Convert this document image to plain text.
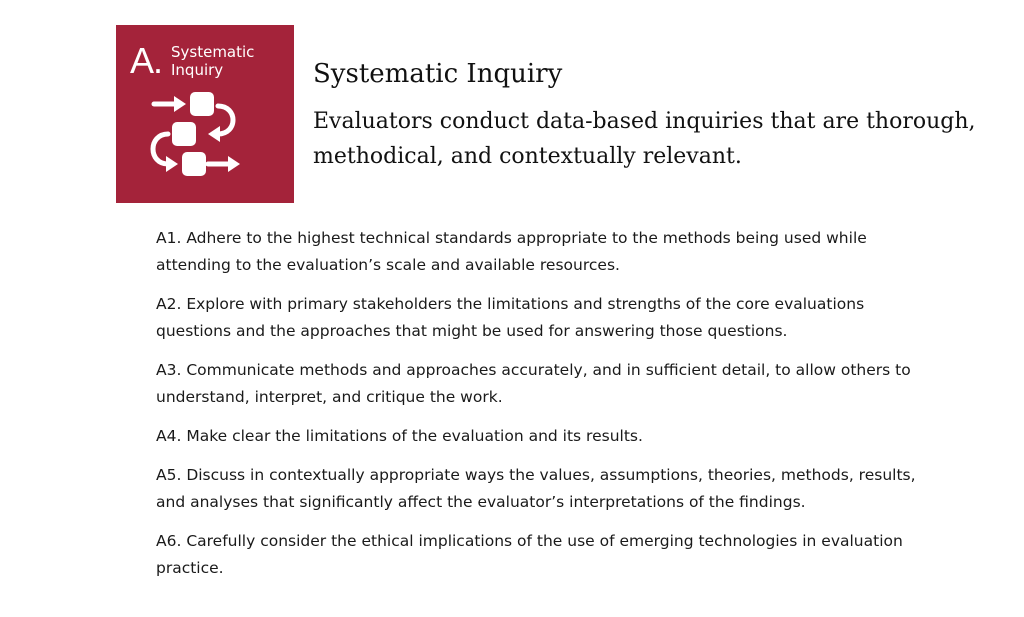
A. Systematic
Inquiry	Systematic Inquiry

Evaluators conduct data-based inquiries that are thorough, methodical, and contextually relevant.

A1. Adhere to the highest technical standards appropriate to the methods being used while attending to the evaluation’s scale and available resources.
A2. Explore with primary stakeholders the limitations and strengths of the core evaluations questions and the approaches that might be used for answering those questions.
A3. Communicate methods and approaches accurately, and in sufficient detail, to allow others to understand, interpret, and critique the work.
A4. Make clear the limitations of the evaluation and its results.
A5. Discuss in contextually appropriate ways the values, assumptions, theories, methods, results, and analyses that significantly affect the evaluator’s interpretations of the findings.
A6. Carefully consider the ethical implications of the use of emerging technologies in evaluation practice.
